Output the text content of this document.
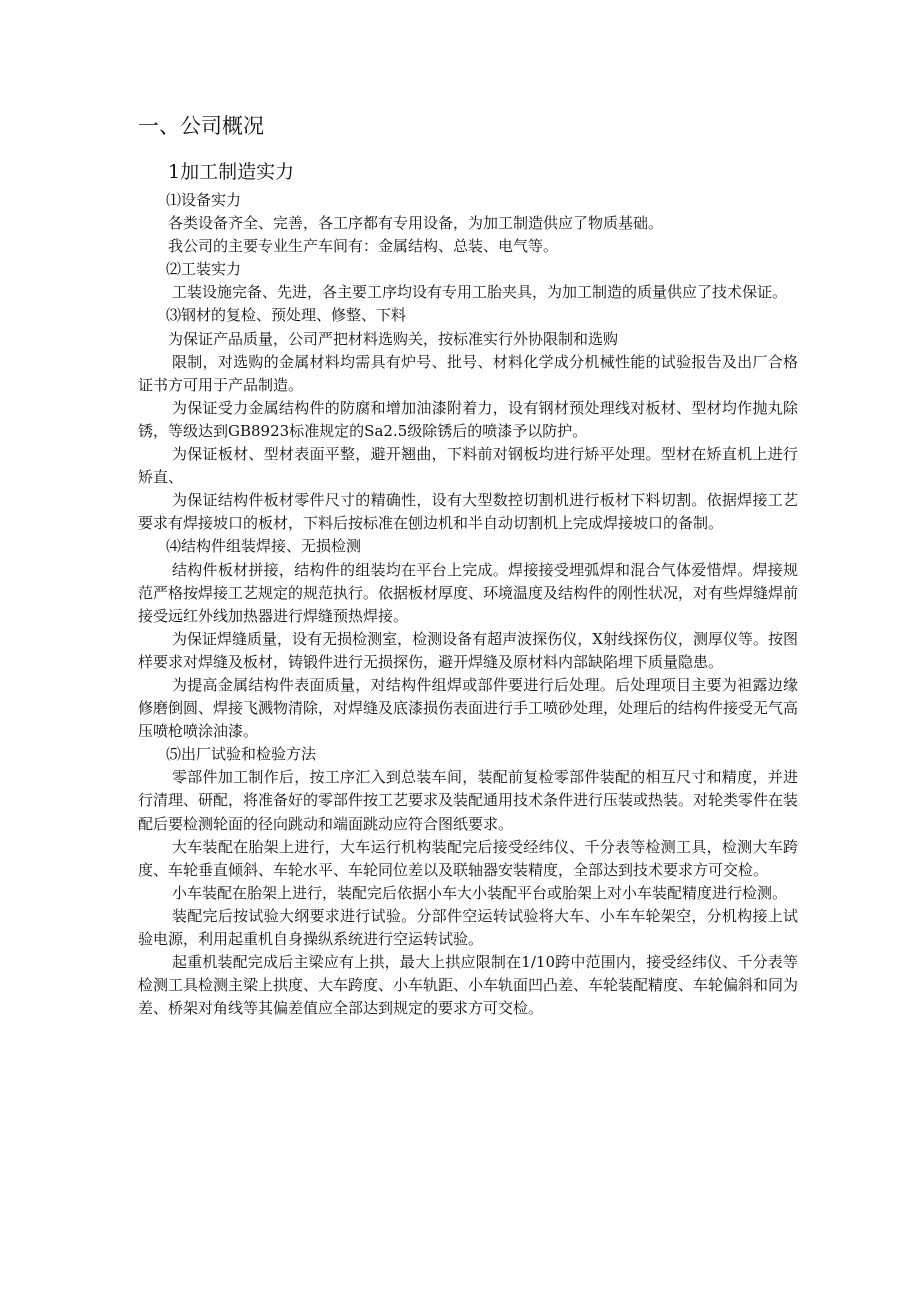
一、公司概况
1加工制造实力

⑴设备实力

各类设备齐全、完善，各工序都有专用设备，为加工制造供应了物质基础。

我公司的主要专业生产车间有：金属结构、总装、电气等。

⑵工装实力

工装设施完备、先进，各主要工序均设有专用工胎夹具，为加工制造的质量供应了技术保证。

⑶钢材的复检、预处理、修整、下料

为保证产品质量，公司严把材料选购关，按标准实行外协限制和选购

限制，对选购的金属材料均需具有炉号、批号、材料化学成分机械性能的试验报告及出厂合格证书方可用于产品制造。

为保证受力金属结构件的防腐和增加油漆附着力，设有钢材预处理线对板材、型材均作抛丸除锈，等级达到GB8923标准规定的Sa2.5级除锈后的喷漆予以防护。

为保证板材、型材表面平整，避开翘曲，下料前对钢板均进行矫平处理。型材在矫直机上进行矫直、

为保证结构件板材零件尺寸的精确性，设有大型数控切割机进行板材下料切割。依据焊接工艺要求有焊接坡口的板材，下料后按标准在刨边机和半自动切割机上完成焊接坡口的备制。

⑷结构件组装焊接、无损检测

结构件板材拼接，结构件的组装均在平台上完成。焊接接受埋弧焊和混合气体爱惜焊。焊接规范严格按焊接工艺规定的规范执行。依据板材厚度、环境温度及结构件的刚性状况，对有些焊缝焊前接受远红外线加热器进行焊缝预热焊接。

为保证焊缝质量，设有无损检测室，检测设备有超声波探伤仪，X射线探伤仪，测厚仪等。按图样要求对焊缝及板材，铸锻件进行无损探伤，避开焊缝及原材料内部缺陷埋下质量隐患。

为提高金属结构件表面质量，对结构件组焊或部件要进行后处理。后处理项目主要为袒露边缘修磨倒圆、焊接飞溅物清除，对焊缝及底漆损伤表面进行手工喷砂处理，处理后的结构件接受无气高压喷枪喷涂油漆。

⑸出厂试验和检验方法

零部件加工制作后，按工序汇入到总装车间，装配前复检零部件装配的相互尺寸和精度，并进行清理、研配，将准备好的零部件按工艺要求及装配通用技术条件进行压装或热装。对轮类零件在装配后要检测轮面的径向跳动和端面跳动应符合图纸要求。

大车装配在胎架上进行，大车运行机构装配完后接受经纬仪、千分表等检测工具，检测大车跨度、车轮垂直倾斜、车轮水平、车轮同位差以及联轴器安装精度，全部达到技术要求方可交检。

小车装配在胎架上进行，装配完后依据小车大小装配平台或胎架上对小车装配精度进行检测。

装配完后按试验大纲要求进行试验。分部件空运转试验将大车、小车车轮架空，分机构接上试验电源，利用起重机自身操纵系统进行空运转试验。

起重机装配完成后主梁应有上拱，最大上拱应限制在1/10跨中范围内，接受经纬仪、千分表等检测工具检测主梁上拱度、大车跨度、小车轨距、小车轨面凹凸差、车轮装配精度、车轮偏斜和同为差、桥架对角线等其偏差值应全部达到规定的要求方可交检。
